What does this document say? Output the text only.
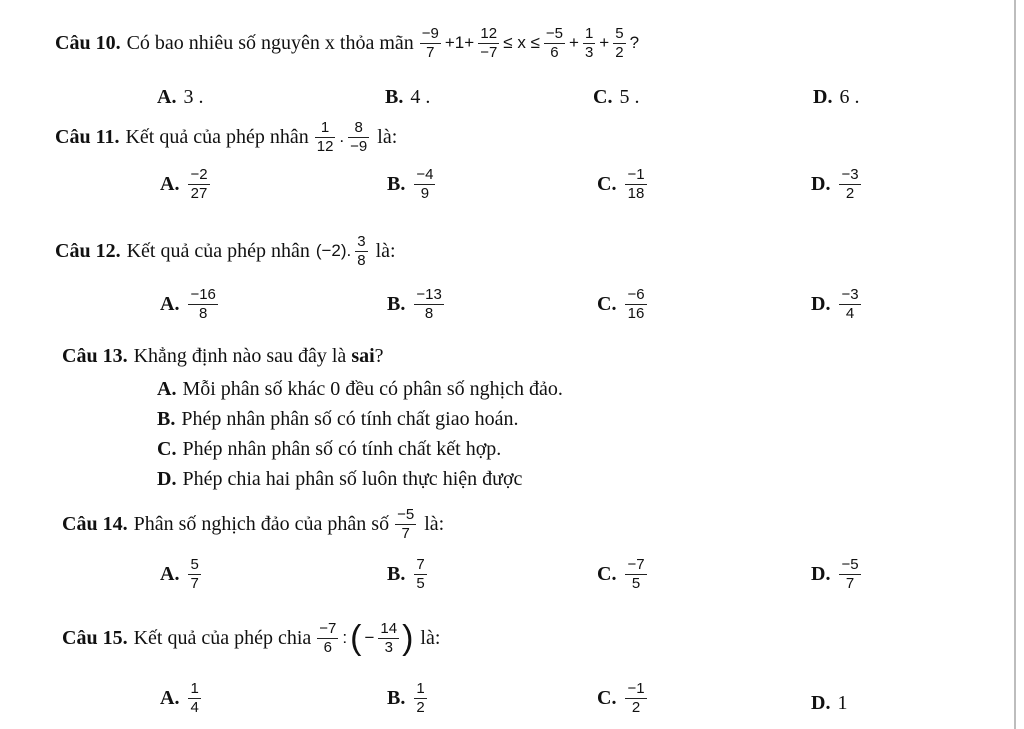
Câu 10. Có bao nhiêu số nguyên x thỏa mãn $\frac{-9}{7} +1+ \frac{12}{-7} \le x \le \frac{-5}{6} + \frac{1}{3} + \frac{5}{2}$ ?
A. 3 .	B. 4 .	C. 5 .	D. 6 .
Câu 11. Kết quả của phép nhân $\frac{1}{12}$ . $\frac{8}{-9}$ là:
A. $\frac{-2}{27}$	B. $\frac{-4}{9}$	C. $\frac{-1}{18}$	D. $\frac{-3}{2}$
Câu 12. Kết quả của phép nhân (−2). $\frac{3}{8}$ là:
A. $\frac{-16}{8}$	B. $\frac{-13}{8}$	C. $\frac{-6}{16}$	D. $\frac{-3}{4}$
Câu 13. Khẳng định nào sau đây là sai ?
A. Mỗi phân số khác 0 đều có phân số nghịch đảo.
B. Phép nhân phân số có tính chất giao hoán.
C. Phép nhân phân số có tính chất kết hợp.
D. Phép chia hai phân số luôn thực hiện được
Câu 14. Phân số nghịch đảo của phân số $\frac{-5}{7}$ là:
A. $\frac{5}{7}$	B. $\frac{7}{5}$	C. $\frac{-7}{5}$	D. $\frac{-5}{7}$
Câu 15. Kết quả của phép chia $\frac{-7}{6}$ : ( − $\frac{14}{3}$ ) là:
A. $\frac{1}{4}$	B. $\frac{1}{2}$	C. $\frac{-1}{2}$	D. 1
